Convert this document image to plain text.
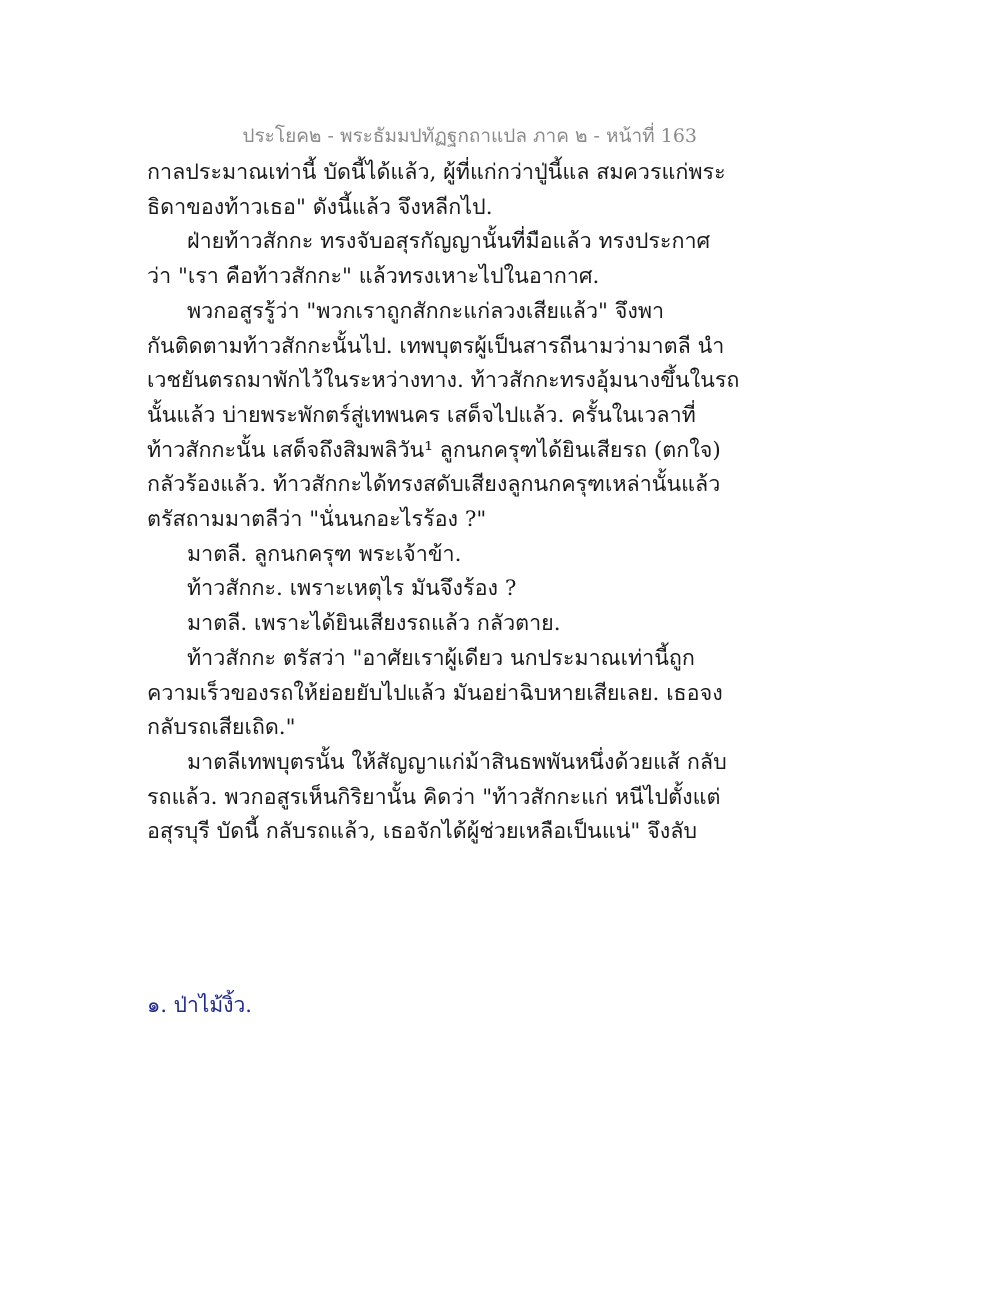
ประโยค๒ - พระธัมมปทัฏฐกถาแปล ภาค ๒ - หน้าที่ 163
กาลประมาณเท่านี้ บัดนี้ได้แล้ว, ผู้ที่แก่กว่าปู่นี้แล สมควรแก่พระ
ธิดาของท้าวเธอ" ดังนี้แล้ว จึงหลีกไป.
ฝ่ายท้าวสักกะ ทรงจับอสุรกัญญานั้นที่มือแล้ว ทรงประกาศ
ว่า "เรา คือท้าวสักกะ" แล้วทรงเหาะไปในอากาศ.
พวกอสูรรู้ว่า "พวกเราถูกสักกะแก่ลวงเสียแล้ว" จึงพา
กันติดตามท้าวสักกะนั้นไป. เทพบุตรผู้เป็นสารถีนามว่ามาตลี นำ
เวชยันตรถมาพักไว้ในระหว่างทาง. ท้าวสักกะทรงอุ้มนางขึ้นในรถ
นั้นแล้ว บ่ายพระพักตร์สู่เทพนคร เสด็จไปแล้ว. ครั้นในเวลาที่
ท้าวสักกะนั้น เสด็จถึงสิมพลิวัน¹ ลูกนกครุฑได้ยินเสียรถ (ตกใจ)
กลัวร้องแล้ว. ท้าวสักกะได้ทรงสดับเสียงลูกนกครุฑเหล่านั้นแล้ว
ตรัสถามมาตลีว่า "นั่นนกอะไรร้อง ?"
มาตลี. ลูกนกครุฑ พระเจ้าข้า.
ท้าวสักกะ. เพราะเหตุไร มันจึงร้อง ?
มาตลี. เพราะได้ยินเสียงรถแล้ว กลัวตาย.
ท้าวสักกะ ตรัสว่า "อาศัยเราผู้เดียว นกประมาณเท่านี้ถูก
ความเร็วของรถให้ย่อยยับไปแล้ว มันอย่าฉิบหายเสียเลย. เธอจง
กลับรถเสียเถิด."
มาตลีเทพบุตรนั้น ให้สัญญาแก่ม้าสินธพพันหนึ่งด้วยแส้ กลับ
รถแล้ว. พวกอสูรเห็นกิริยานั้น คิดว่า "ท้าวสักกะแก่ หนีไปตั้งแต่
อสุรบุรี บัดนี้ กลับรถแล้ว, เธอจักได้ผู้ช่วยเหลือเป็นแน่" จึงลับ
๑. ป่าไม้งิ้ว.
